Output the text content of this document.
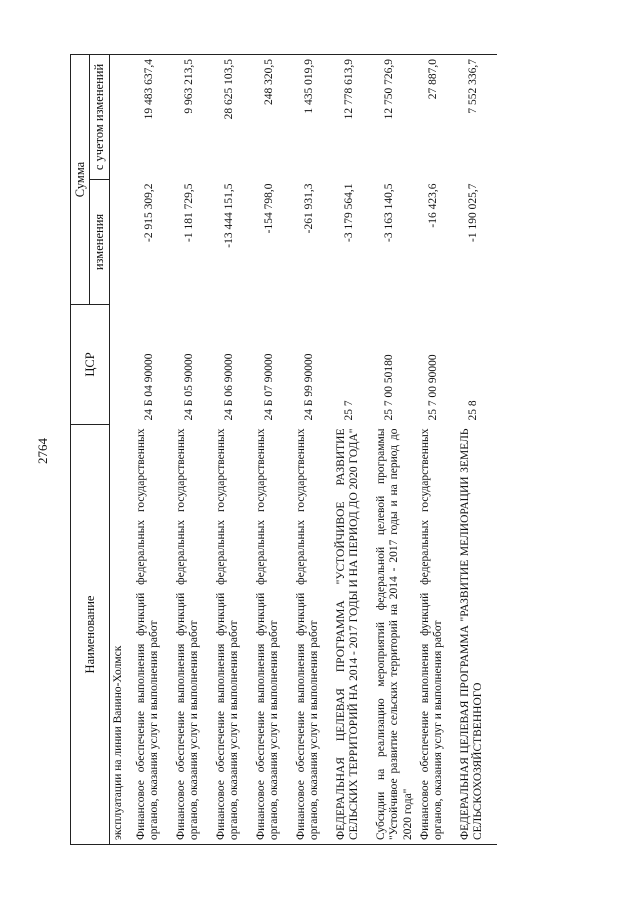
2764
Наименование	ЦСР	Сумма	
		изменения	с учетом изменений
эксплуатации на линии Ванино-Холмск			
Финансовое обеспечение выполнения функций федеральных государственных органов, оказания услуг и выполнения работ	24 Б 04 90000	-2 915 309,2	19 483 637,4
Финансовое обеспечение выполнения функций федеральных государственных органов, оказания услуг и выполнения работ	24 Б 05 90000	-1 181 729,5	9 963 213,5
Финансовое обеспечение выполнения функций федеральных государственных органов, оказания услуг и выполнения работ	24 Б 06 90000	-13 444 151,5	28 625 103,5
Финансовое обеспечение выполнения функций федеральных государственных органов, оказания услуг и выполнения работ	24 Б 07 90000	-154 798,0	248 320,5
Финансовое обеспечение выполнения функций федеральных государственных органов, оказания услуг и выполнения работ	24 Б 99 90000	-261 931,3	1 435 019,9
ФЕДЕРАЛЬНАЯ ЦЕЛЕВАЯ ПРОГРАММА "УСТОЙЧИВОЕ РАЗВИТИЕ СЕЛЬСКИХ ТЕРРИТОРИЙ НА 2014 - 2017 ГОДЫ И НА ПЕРИОД ДО 2020 ГОДА"	25 7	-3 179 564,1	12 778 613,9
Субсидии на реализацию мероприятий федеральной целевой программы "Устойчивое развитие сельских территорий на 2014 - 2017 годы и на период до 2020 года"	25 7 00 50180	-3 163 140,5	12 750 726,9
Финансовое обеспечение выполнения функций федеральных государственных органов, оказания услуг и выполнения работ	25 7 00 90000	-16 423,6	27 887,0
ФЕДЕРАЛЬНАЯ ЦЕЛЕВАЯ ПРОГРАММА "РАЗВИТИЕ МЕЛИОРАЦИИ ЗЕМЕЛЬ СЕЛЬСКОХОЗЯЙСТВЕННОГО	25 8	-1 190 025,7	7 552 336,7
